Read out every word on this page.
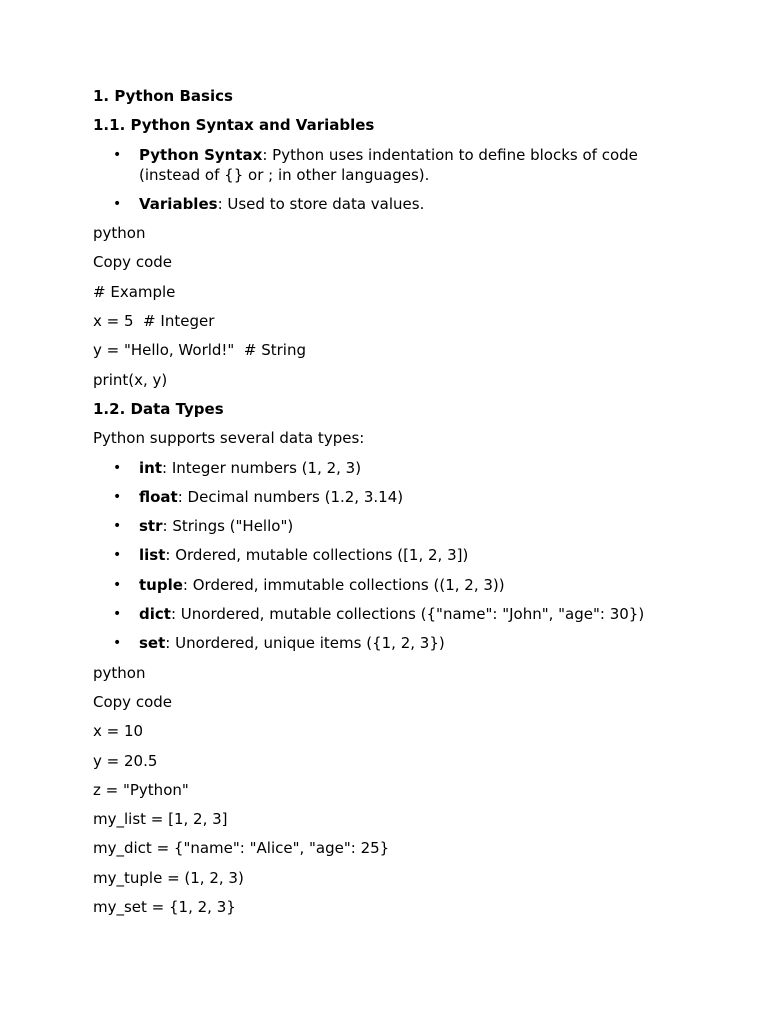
1. Python Basics
1.1. Python Syntax and Variables
• Python Syntax: Python uses indentation to define blocks of code (instead of {} or ; in other languages).
• Variables: Used to store data values.
python
Copy code
# Example
x = 5  # Integer
y = "Hello, World!"  # String
print(x, y)
1.2. Data Types
Python supports several data types:
• int: Integer numbers (1, 2, 3)
• float: Decimal numbers (1.2, 3.14)
• str: Strings ("Hello")
• list: Ordered, mutable collections ([1, 2, 3])
• tuple: Ordered, immutable collections ((1, 2, 3))
• dict: Unordered, mutable collections ({"name": "John", "age": 30})
• set: Unordered, unique items ({1, 2, 3})
python
Copy code
x = 10
y = 20.5
z = "Python"
my_list = [1, 2, 3]
my_dict = {"name": "Alice", "age": 25}
my_tuple = (1, 2, 3)
my_set = {1, 2, 3}
